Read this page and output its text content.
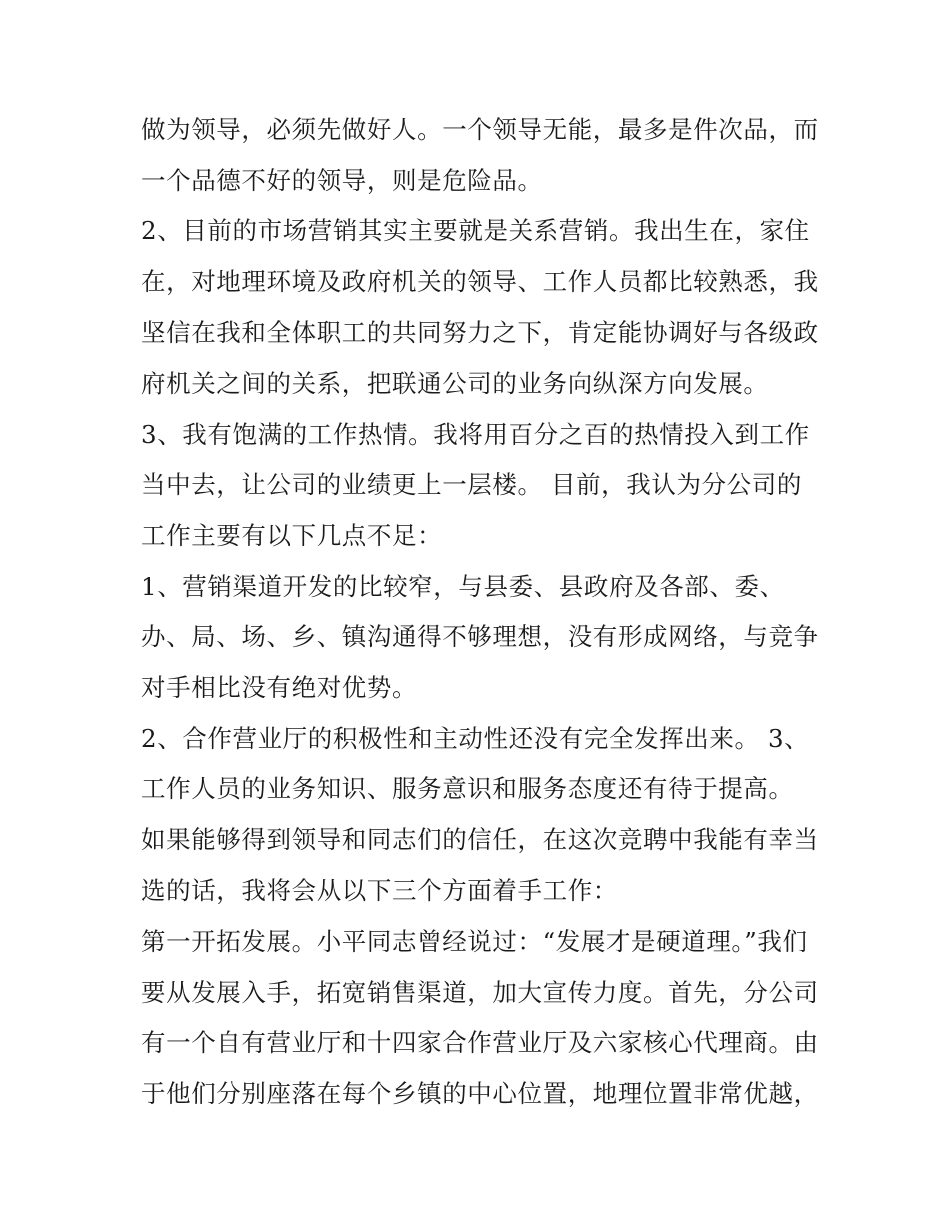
做为领导，必须先做好人。一个领导无能，最多是件次品，而
一个品德不好的领导，则是危险品。
2、目前的市场营销其实主要就是关系营销。我出生在，家住
在，对地理环境及政府机关的领导、工作人员都比较熟悉，我
坚信在我和全体职工的共同努力之下，肯定能协调好与各级政
府机关之间的关系，把联通公司的业务向纵深方向发展。
3、我有饱满的工作热情。我将用百分之百的热情投入到工作
当中去，让公司的业绩更上一层楼。 目前，我认为分公司的
工作主要有以下几点不足：
1、营销渠道开发的比较窄，与县委、县政府及各部、委、
办、局、场、乡、镇沟通得不够理想，没有形成网络，与竞争
对手相比没有绝对优势。
2、合作营业厅的积极性和主动性还没有完全发挥出来。 3、
工作人员的业务知识、服务意识和服务态度还有待于提高。
如果能够得到领导和同志们的信任，在这次竞聘中我能有幸当
选的话，我将会从以下三个方面着手工作：
第一开拓发展。小平同志曾经说过：“发展才是硬道理。”我们
要从发展入手，拓宽销售渠道，加大宣传力度。首先，分公司
有一个自有营业厅和十四家合作营业厅及六家核心代理商。由
于他们分别座落在每个乡镇的中心位置，地理位置非常优越，
